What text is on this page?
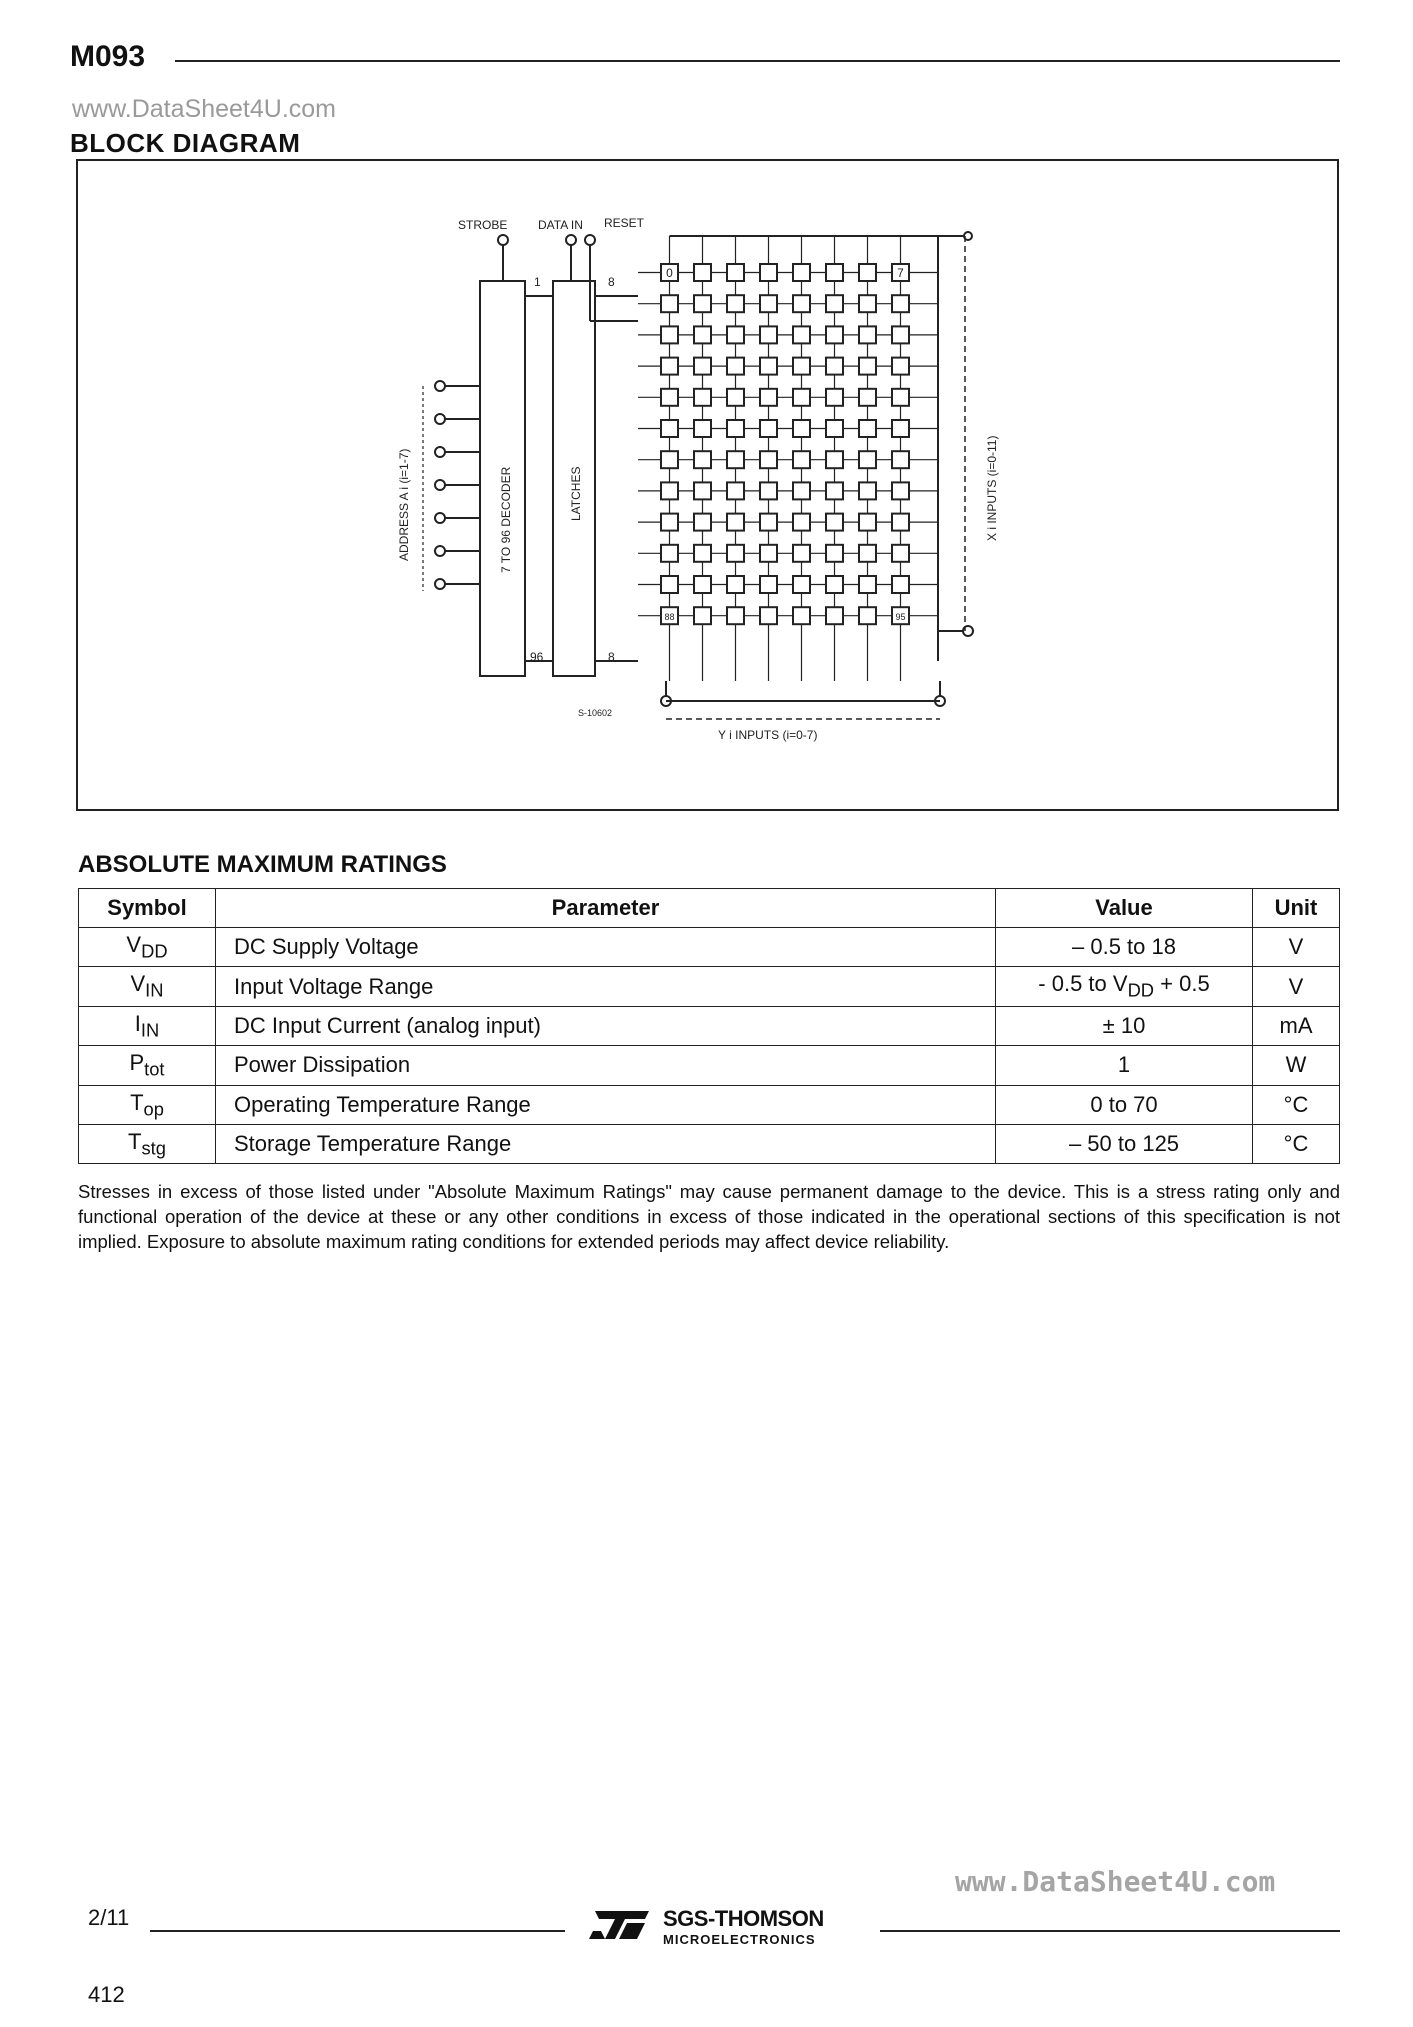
M093
www.DataSheet4U.com
BLOCK DIAGRAM
STROBE	DATA IN RESET
7 TO 96 DECODER	LATCHES
1	8
96	8
ADDRESS A i (i=1-7)
0	7
88	95
X i INPUTS (i=0-11)
Y i INPUTS (i=0-7)
S-10602
ABSOLUTE MAXIMUM RATINGS
Symbol	Parameter	Value	Unit
$V_{DD}$	DC Supply Voltage	– 0.5 to 18	V
$V_{IN}$	Input Voltage Range	- 0.5 to $V_{DD} + 0.5$	V
$I_{IN}$	DC Input Current (analog input)	± 10	mA
$P_{tot}$	Power Dissipation	1	W
$T_{op}$	Operating Temperature Range	0 to 70	°C
$T_{stg}$	Storage Temperature Range	– 50 to 125	°C
Stresses in excess of those listed under "Absolute Maximum Ratings" may cause permanent damage to the device. This is a stress rating only and functional operation of the device at these or any other conditions in excess of those indicated in the operational sections of this specification is not implied. Exposure to absolute maximum rating conditions for extended periods may affect device reliability.
www.DataSheet4U.com
2/11	SGS-THOMSON
MICROELECTRONICS
412
